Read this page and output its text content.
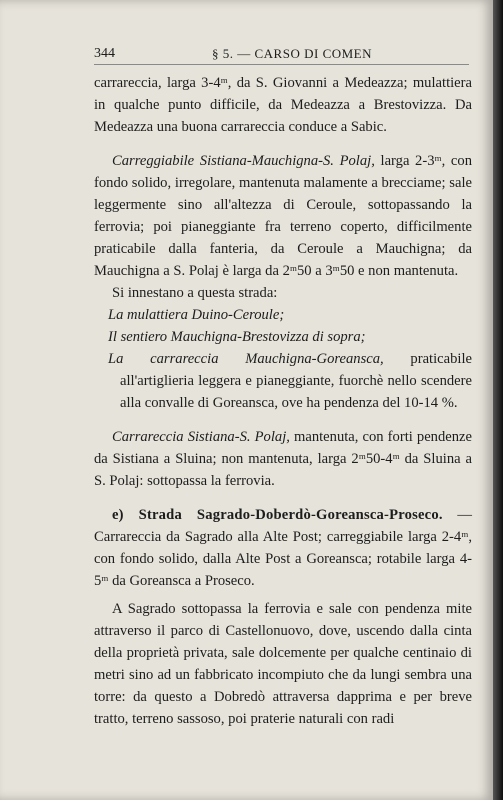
344	§ 5. — CARSO DI COMEN

carrareccia, larga 3-4ᵐ, da S. Giovanni a Medeazza; mulattiera in qualche punto difficile, da Medeazza a Brestovizza. Da Medeazza una buona carrareccia conduce a Sabic.

Carreggiabile Sistiana-Mauchigna-S. Polaj, larga 2-3ᵐ, con fondo solido, irregolare, mantenuta malamente a brecciame; sale leggermente sino all'altezza di Ceroule, sottopassando la ferrovia; poi pianeggiante fra terreno coperto, difficilmente praticabile dalla fanteria, da Ceroule a Mauchigna; da Mauchigna a S. Polaj è larga da 2ᵐ50 a 3ᵐ50 e non mantenuta.

Si innestano a questa strada:

La mulattiera Duino-Ceroule;

Il sentiero Mauchigna-Brestovizza di sopra;

La carrareccia Mauchigna-Goreansca, praticabile all'artiglieria leggera e pianeggiante, fuorchè nello scendere alla convalle di Goreansca, ove ha pendenza del 10-14 %.

Carrareccia Sistiana-S. Polaj, mantenuta, con forti pendenze da Sistiana a Sluina; non mantenuta, larga 2ᵐ50-4ᵐ da Sluina a S. Polaj: sottopassa la ferrovia.

e) Strada Sagrado-Doberdò-Goreansca-Proseco. — Carrareccia da Sagrado alla Alte Post; carreggiabile larga 2-4ᵐ, con fondo solido, dalla Alte Post a Goreansca; rotabile larga 4-5ᵐ da Goreansca a Proseco.

A Sagrado sottopassa la ferrovia e sale con pendenza mite attraverso il parco di Castellonuovo, dove, uscendo dalla cinta della proprietà privata, sale dolcemente per qualche centinaio di metri sino ad un fabbricato incompiuto che da lungi sembra una torre: da questo a Dobredò attraversa dapprima e per breve tratto, terreno sassoso, poi praterie naturali con radi
